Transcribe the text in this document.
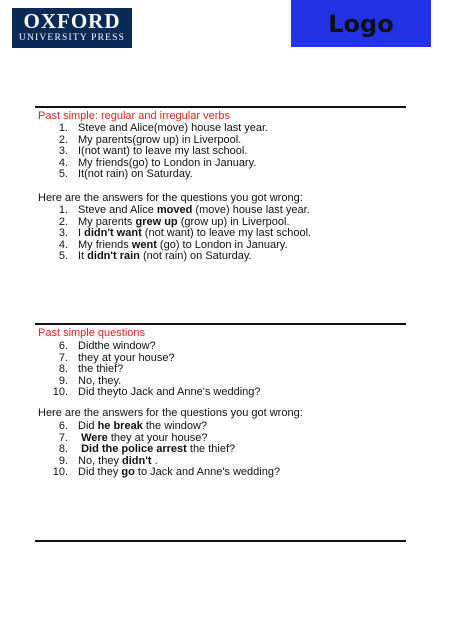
OXFORD
UNIVERSITY PRESS
Logo
Past simple: regular and irregular verbs
1. Steve and Alice(move) house last year.
2. My parents(grow up) in Liverpool.
3. I(not want) to leave my last school.
4. My friends(go) to London in January.
5. It(not rain) on Saturday.
Here are the answers for the questions you got wrong:
1. Steve and Alice moved (move) house last year.
2. My parents grew up (grow up) in Liverpool.
3. I didn't want (not want) to leave my last school.
4. My friends went (go) to London in January.
5. It didn't rain (not rain) on Saturday.
Past simple questions
6. Didthe window?
7. they at your house?
8. the thief?
9. No, they.
10. Did theyto Jack and Anne's wedding?
Here are the answers for the questions you got wrong:
6. Did he break the window?
7. Were they at your house?
8. Did the police arrest the thief?
9. No, they didn't .
10. Did they go to Jack and Anne's wedding?
